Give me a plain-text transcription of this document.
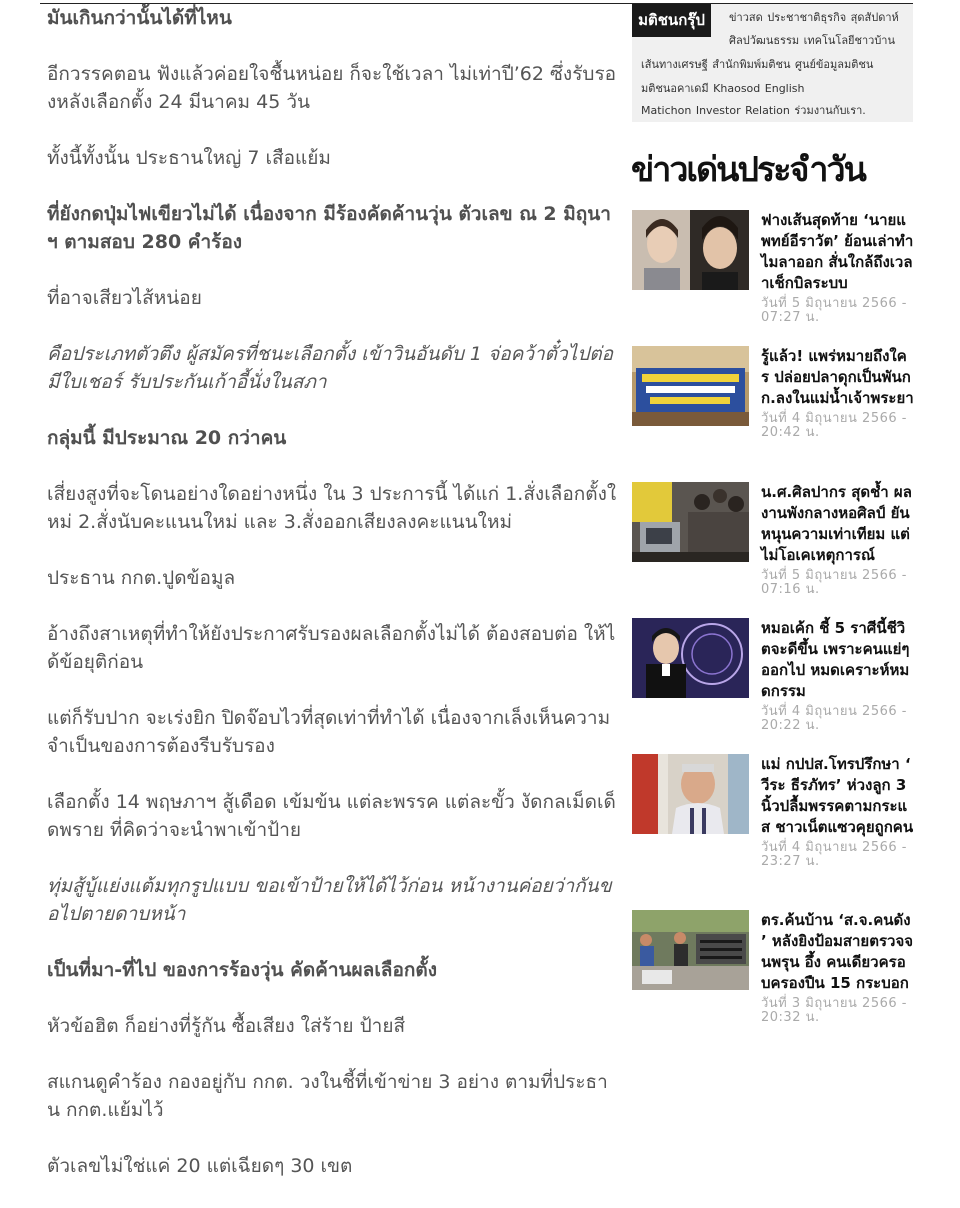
มันเกินกว่านั้นได้ที่ไหน

อีกวรรคตอน ฟังแล้วค่อยใจชื้นหน่อย ก็จะใช้เวลา ไม่เท่าปี’62 ซึ่งรับรองหลังเลือกตั้ง 24 มีนาคม 45 วัน

ทั้งนี้ทั้งนั้น ประธานใหญ่ 7 เสือแย้ม

ที่ยังกดปุ่มไฟเขียวไม่ได้ เนื่องจาก มีร้องคัดค้านวุ่น ตัวเลข ณ 2 มิถุนาฯ ตามสอบ 280 คำร้อง

ที่อาจเสียวไส้หน่อย

คือประเภทตัวตึง ผู้สมัครที่ชนะเลือกตั้ง เข้าวินอันดับ 1 จ่อคว้าตั๋วไปต่อ มีใบเชอร์ รับประกันเก้าอี้นั่งในสภา

กลุ่มนี้ มีประมาณ 20 กว่าคน

เสี่ยงสูงที่จะโดนอย่างใดอย่างหนึ่ง ใน 3 ประการนี้ ได้แก่ 1.สั่งเลือกตั้งใหม่ 2.สั่งนับคะแนนใหม่ และ 3.สั่งออกเสียงลงคะแนนใหม่

ประธาน กกต.ปูดข้อมูล

อ้างถึงสาเหตุที่ทำให้ยังประกาศรับรองผลเลือกตั้งไม่ได้ ต้องสอบต่อ ให้ได้ข้อยุติก่อน

แต่ก็รับปาก จะเร่งยิก ปิดจ๊อบไวที่สุดเท่าที่ทำได้ เนื่องจากเล็งเห็นความจำเป็นของการต้องรีบรับรอง

เลือกตั้ง 14 พฤษภาฯ สู้เดือด เข้มข้น แต่ละพรรค แต่ละขั้ว งัดกลเม็ดเด็ดพราย ที่คิดว่าจะนำพาเข้าป้าย

ทุ่มสู้บู้แย่งแต้มทุกรูปแบบ ขอเข้าป้ายให้ได้ไว้ก่อน หน้างานค่อยว่ากันขอไปตายดาบหน้า

เป็นที่มา-ที่ไป ของการร้องวุ่น คัดค้านผลเลือกตั้ง

หัวข้อฮิต ก็อย่างที่รู้กัน ซื้อเสียง ใส่ร้าย ป้ายสี

สแกนดูคำร้อง กองอยู่กับ กกต. วงในชี้ที่เข้าข่าย 3 อย่าง ตามที่ประธาน กกต.แย้มไว้

ตัวเลขไม่ใช่แค่ 20 แต่เฉียดๆ 30 เขต

มติชนกรุ๊ป	ข่าวสด ประชาชาติธุรกิจ สุดสัปดาห์
ศิลปวัฒนธรรม เทคโนโลยีชาวบ้าน
เส้นทางเศรษฐี สำนักพิมพ์มติชน ศูนย์ข้อมูลมติชน
มติชนอคาเดมี Khaosod English
Matichon Investor Relation ร่วมงานกับเรา.
ข่าวเด่นประจำวัน
ฟางเส้นสุดท้าย ‘นายแพทย์อีราวัต’ ย้อนเล่าทำไมลาออก สั่นใกล้ถึงเวลาเช็กบิลระบบ
วันที่ 5 มิถุนายน 2566 - 07:27 น.
รู้แล้ว! แพร่หมายถึงใคร ปล่อยปลาดุกเป็นพันกก.ลงในแม่น้ำเจ้าพระยา
วันที่ 4 มิถุนายน 2566 - 20:42 น.
น.ศ.ศิลปากร สุดช้ำ ผลงานพังกลางหอศิลป์ ยันหนุนความเท่าเทียม แต่ไม่โอเคเหตุการณ์
วันที่ 5 มิถุนายน 2566 - 07:16 น.
หมอเค้ก ชี้ 5 ราศีนี้ชีวิตจะดีขึ้น เพราะคนแย่ๆออกไป หมดเคราะห์หมดกรรม
วันที่ 4 มิถุนายน 2566 - 20:22 น.
แม่ กปปส.โทรปรึกษา ‘วีระ ธีรภัทร’ ห่วงลูก 3 นิ้วปลื้มพรรคตามกระแส ชาวเน็ตแซวคุยถูกคน
วันที่ 4 มิถุนายน 2566 - 23:27 น.
ตร.ค้นบ้าน ‘ส.จ.คนดัง’ หลังยิงป้อมสายตรวจจนพรุน อึ้ง คนเดียวครอบครองปืน 15 กระบอก
วันที่ 3 มิถุนายน 2566 - 20:32 น.
